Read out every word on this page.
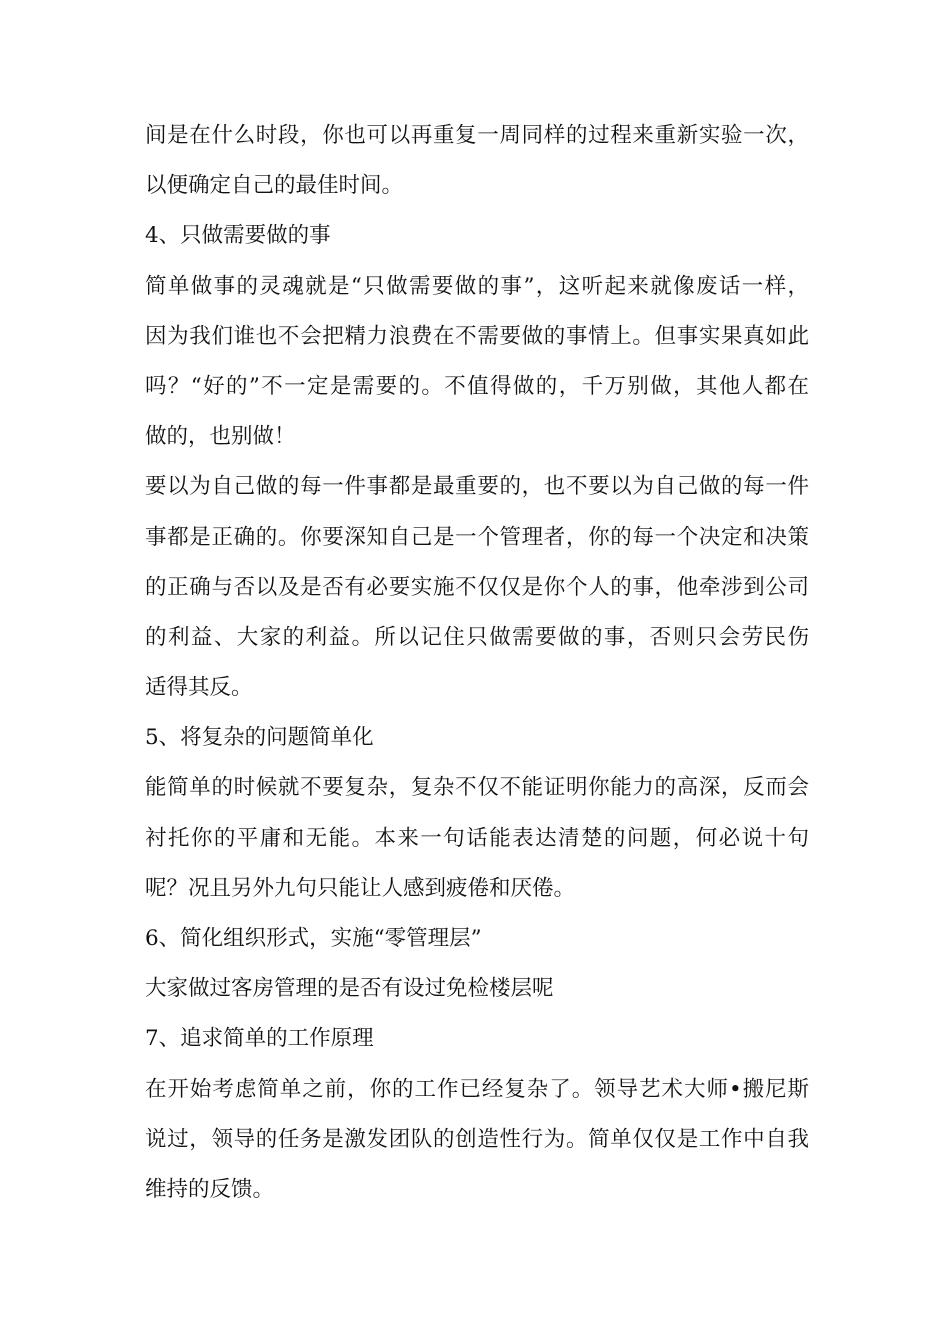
间是在什么时段，你也可以再重复一周同样的过程来重新实验一次，
以便确定自己的最佳时间。
4、只做需要做的事
简单做事的灵魂就是“只做需要做的事”，这听起来就像废话一样，
因为我们谁也不会把精力浪费在不需要做的事情上。但事实果真如此
吗？“好的”不一定是需要的。不值得做的，千万别做，其他人都在
做的，也别做！
要以为自己做的每一件事都是最重要的，也不要以为自己做的每一件
事都是正确的。你要深知自己是一个管理者，你的每一个决定和决策
的正确与否以及是否有必要实施不仅仅是你个人的事，他牵涉到公司
的利益、大家的利益。所以记住只做需要做的事，否则只会劳民伤
适得其反。
5、将复杂的问题简单化
能简单的时候就不要复杂，复杂不仅不能证明你能力的高深，反而会
衬托你的平庸和无能。本来一句话能表达清楚的问题，何必说十句
呢？况且另外九句只能让人感到疲倦和厌倦。
6、简化组织形式，实施“零管理层”
大家做过客房管理的是否有设过免检楼层呢
7、追求简单的工作原理
在开始考虑简单之前，你的工作已经复杂了。领导艺术大师•搬尼斯
说过，领导的任务是激发团队的创造性行为。简单仅仅是工作中自我
维持的反馈。
